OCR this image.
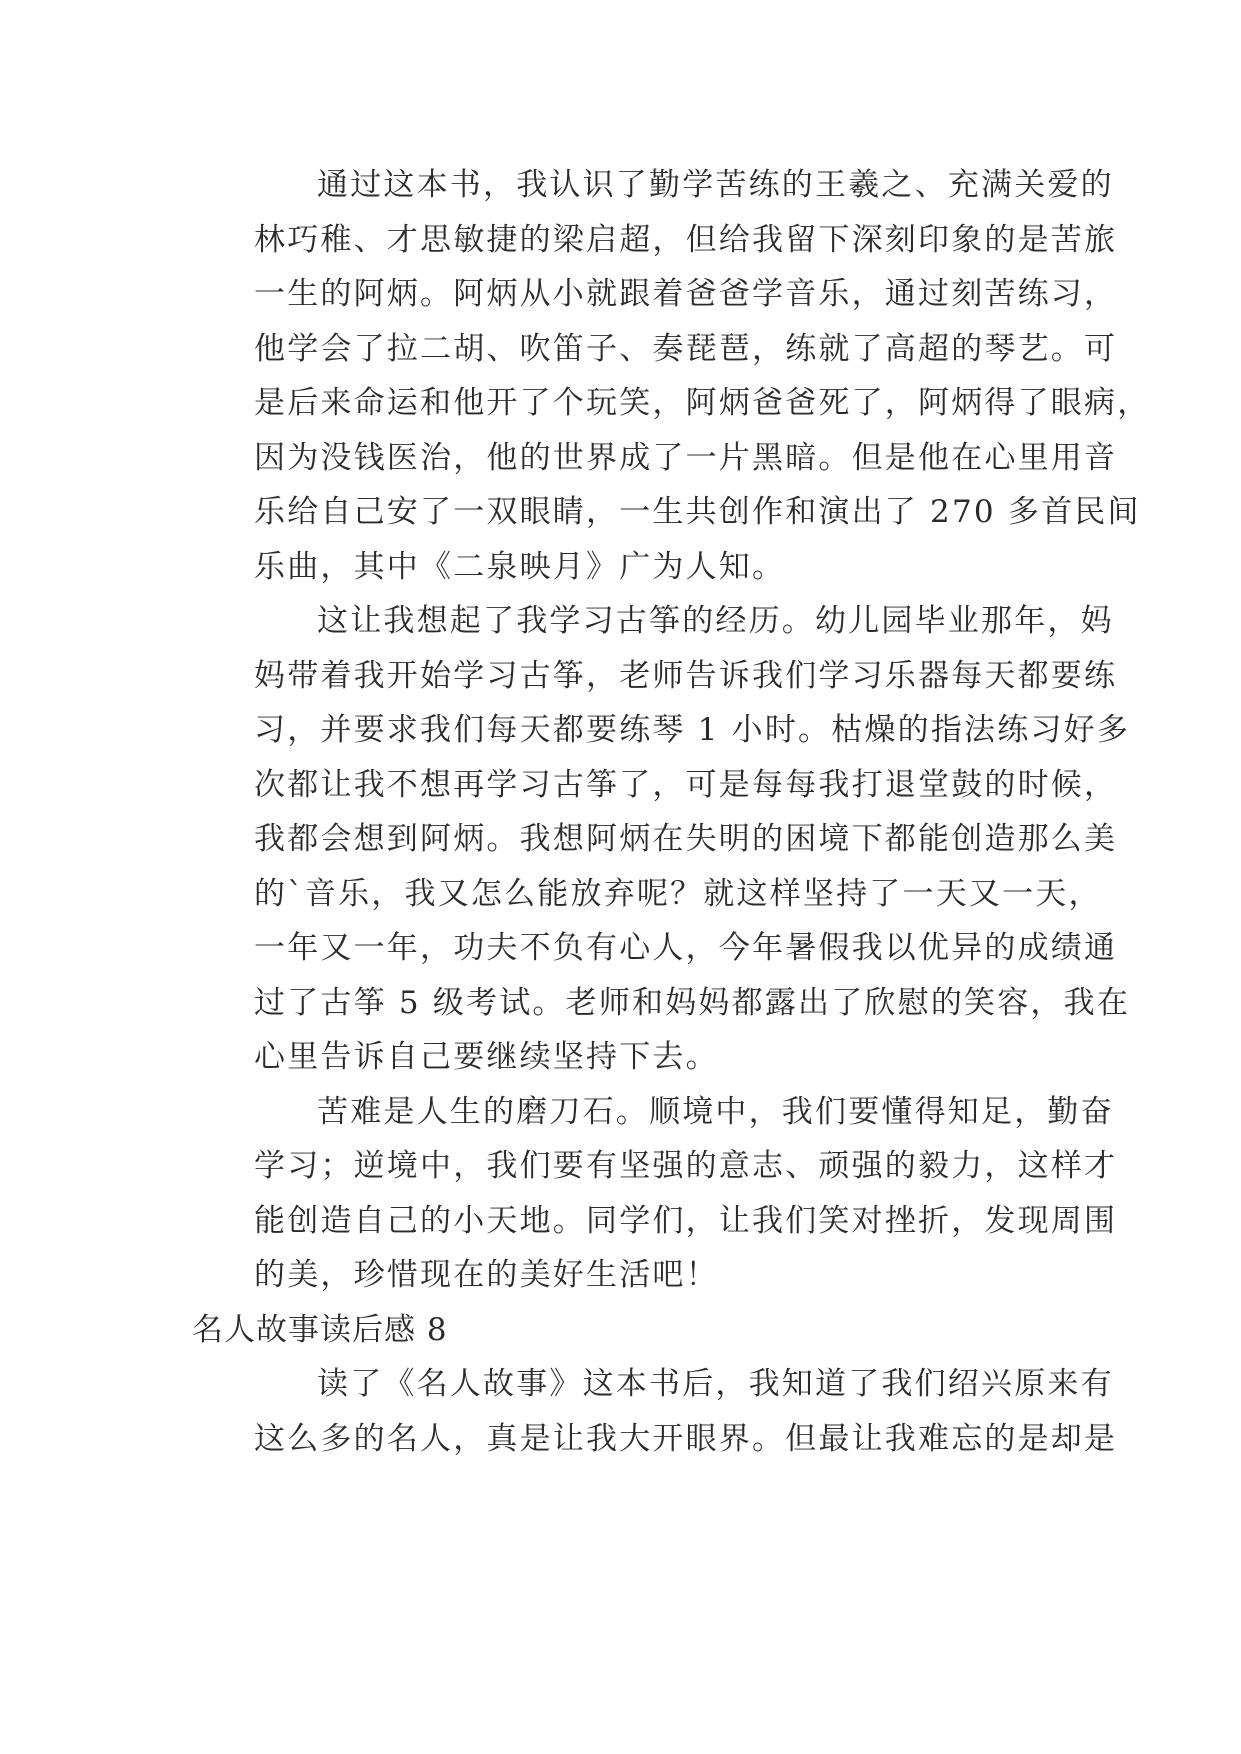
通过这本书，我认识了勤学苦练的王羲之、充满关爱的
林巧稚、才思敏捷的梁启超，但给我留下深刻印象的是苦旅
一生的阿炳。阿炳从小就跟着爸爸学音乐，通过刻苦练习，
他学会了拉二胡、吹笛子、奏琵琶，练就了高超的琴艺。可
是后来命运和他开了个玩笑，阿炳爸爸死了，阿炳得了眼病，
因为没钱医治，他的世界成了一片黑暗。但是他在心里用音
乐给自己安了一双眼睛，一生共创作和演出了 270 多首民间
乐曲，其中《二泉映月》广为人知。
这让我想起了我学习古筝的经历。幼儿园毕业那年，妈
妈带着我开始学习古筝，老师告诉我们学习乐器每天都要练
习，并要求我们每天都要练琴 1 小时。枯燥的指法练习好多
次都让我不想再学习古筝了，可是每每我打退堂鼓的时候，
我都会想到阿炳。我想阿炳在失明的困境下都能创造那么美
的`音乐，我又怎么能放弃呢？就这样坚持了一天又一天，
一年又一年，功夫不负有心人，今年暑假我以优异的成绩通
过了古筝 5 级考试。老师和妈妈都露出了欣慰的笑容，我在
心里告诉自己要继续坚持下去。
苦难是人生的磨刀石。顺境中，我们要懂得知足，勤奋
学习；逆境中，我们要有坚强的意志、顽强的毅力，这样才
能创造自己的小天地。同学们，让我们笑对挫折，发现周围
的美，珍惜现在的美好生活吧！
名人故事读后感 8
读了《名人故事》这本书后，我知道了我们绍兴原来有
这么多的名人，真是让我大开眼界。但最让我难忘的是却是
